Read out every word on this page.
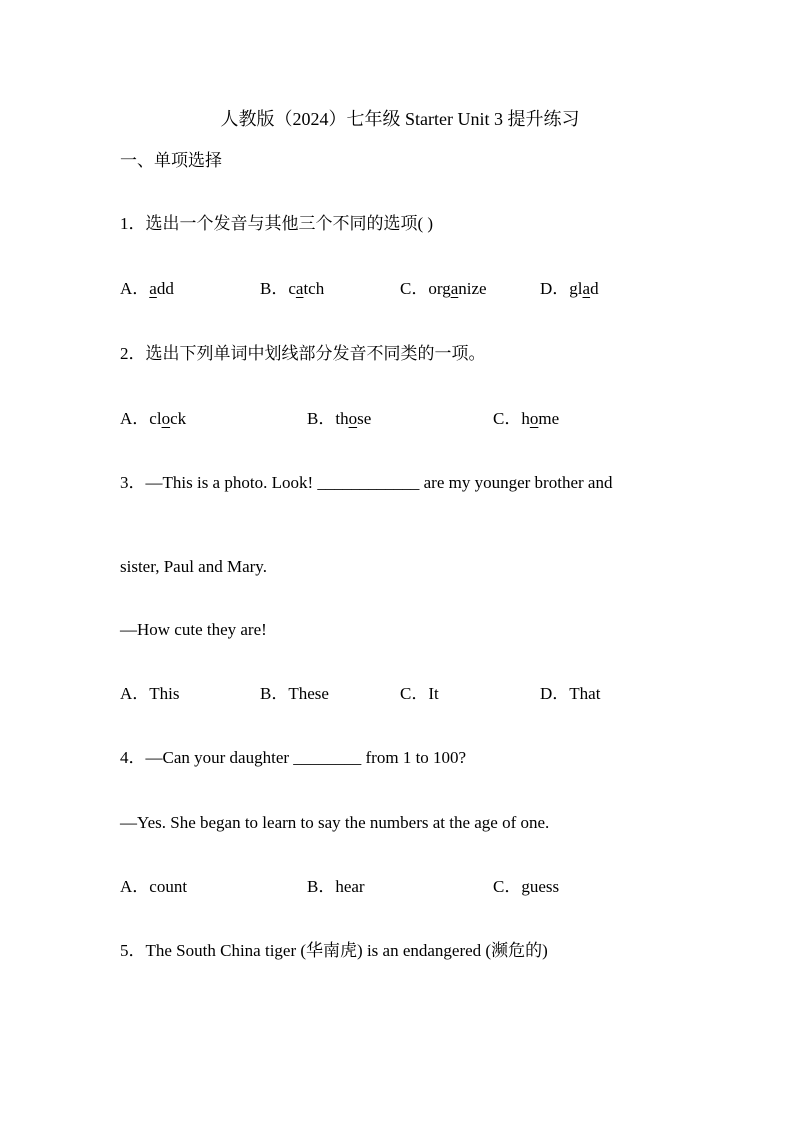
人教版（2024）七年级 Starter Unit 3 提升练习
一、单项选择
1．选出一个发音与其他三个不同的选项( )
A．add	B．catch	C．organize	D．glad
2．选出下列单词中划线部分发音不同类的一项。
A．clock	B．those	C．home
3．—This is a photo. Look! ____________ are my younger brother and
sister, Paul and Mary.
—How cute they are!
A．This	B．These	C．It	D．That
4．—Can your daughter ________ from 1 to 100?
—Yes. She began to learn to say the numbers at the age of one.
A．count	B．hear	C．guess
5．The South China tiger (华南虎) is an endangered (濒危的)
